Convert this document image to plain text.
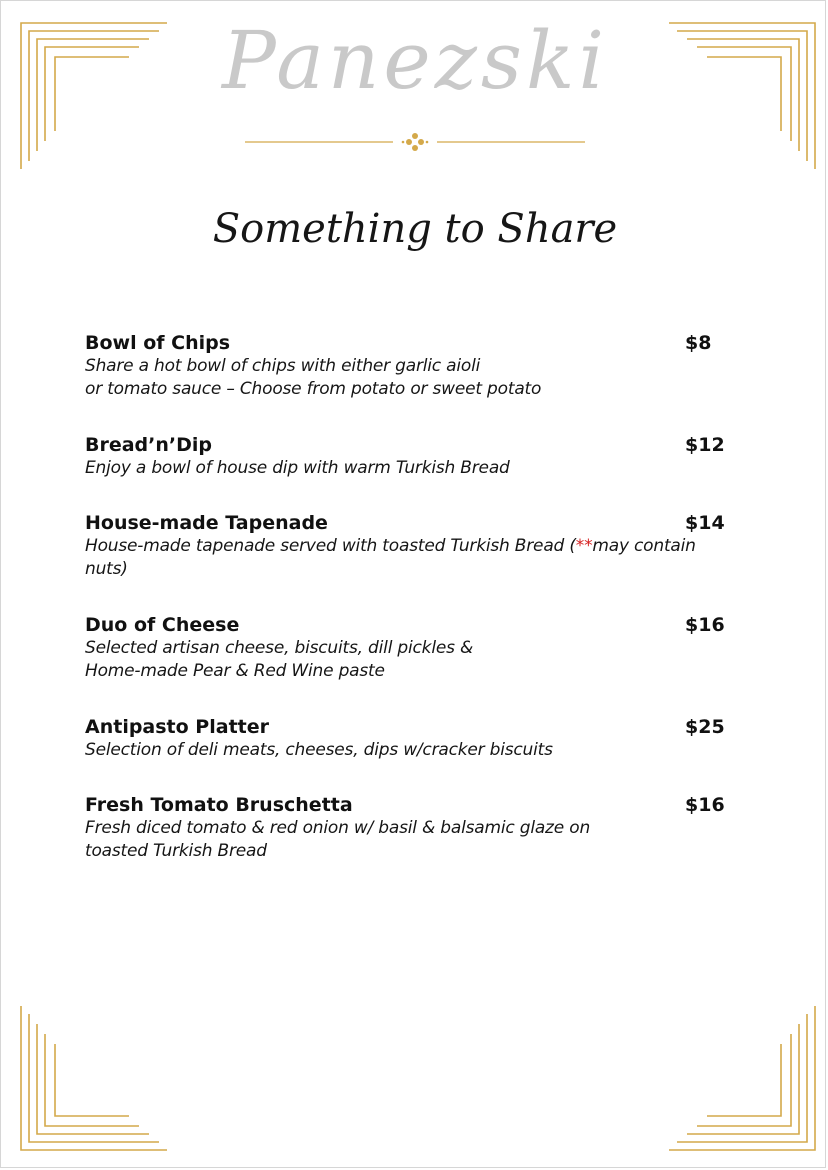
Panezski
Something to Share
Bowl of Chips	$8
Share a hot bowl of chips with either garlic aioli
or tomato sauce – Choose from potato or sweet potato
Bread’n’Dip	$12
Enjoy a bowl of house dip with warm Turkish Bread
House-made Tapenade	$14
House-made tapenade served with toasted Turkish Bread (**may contain nuts)
Duo of Cheese	$16
Selected artisan cheese, biscuits, dill pickles &
Home-made Pear & Red Wine paste
Antipasto Platter	$25
Selection of deli meats, cheeses, dips w/cracker biscuits
Fresh Tomato Bruschetta	$16
Fresh diced tomato & red onion w/ basil & balsamic glaze on
toasted Turkish Bread
